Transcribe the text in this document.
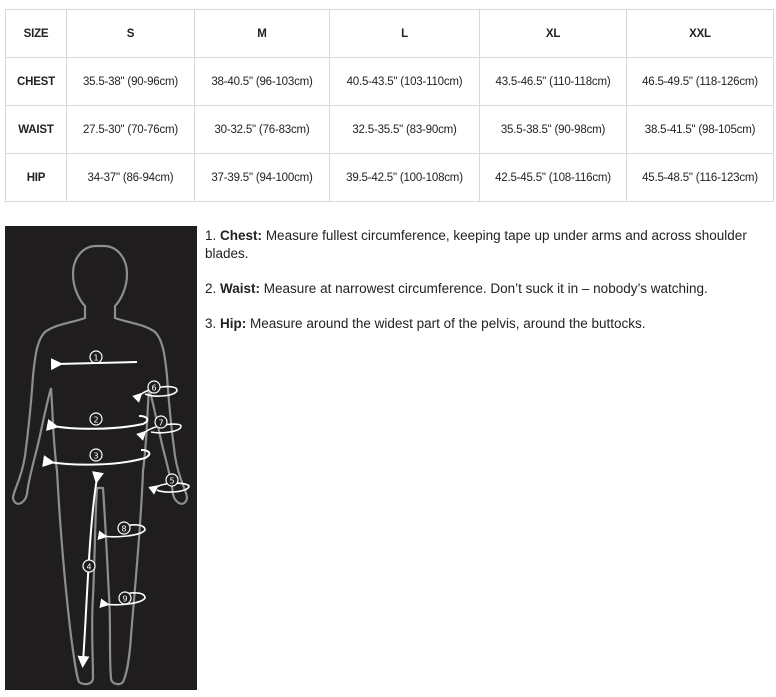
SIZE	S	M	L	XL	XXL
CHEST	35.5-38" (90-96cm)	38-40.5" (96-103cm)	40.5-43.5" (103-110cm)	43.5-46.5" (110-118cm)	46.5-49.5" (118-126cm)
WAIST	27.5-30" (70-76cm)	30-32.5" (76-83cm)	32.5-35.5" (83-90cm)	35.5-38.5" (90-98cm)	38.5-41.5" (98-105cm)
HIP	34-37" (86-94cm)	37-39.5" (94-100cm)	39.5-42.5" (100-108cm)	42.5-45.5" (108-116cm)	45.5-48.5" (116-123cm)
1
2
3
4
5
6
7
8
9

1. Chest: Measure fullest circumference, keeping tape up under arms and across shoulder blades.

2. Waist: Measure at narrowest circumference. Don’t suck it in – nobody’s watching.

3. Hip: Measure around the widest part of the pelvis, around the buttocks.
